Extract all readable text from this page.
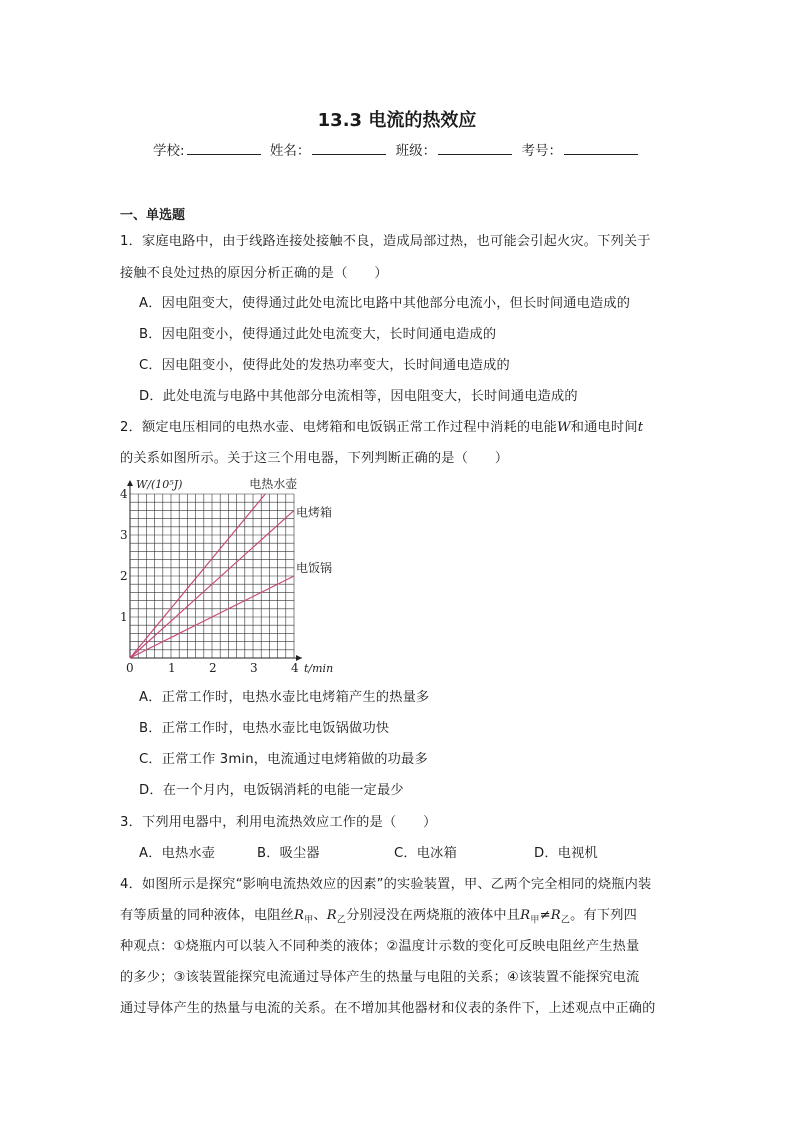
13.3 电流的热效应
学校:	姓名：	班级：	考号：
一、单选题
1．家庭电路中，由于线路连接处接触不良，造成局部过热，也可能会引起火灾。下列关于
接触不良处过热的原因分析正确的是（　　）
A．因电阻变大，使得通过此处电流比电路中其他部分电流小，但长时间通电造成的
B．因电阻变小，使得通过此处电流变大，长时间通电造成的
C．因电阻变小，使得此处的发热功率变大，长时间通电造成的
D．此处电流与电路中其他部分电流相等，因电阻变大，长时间通电造成的
2．额定电压相同的电热水壶、电烤箱和电饭锅正常工作过程中消耗的电能W和通电时间t
的关系如图所示。关于这三个用电器，下列判断正确的是（　　）
电热水壶
电烤箱
电饭锅
0	1	2	3	4
1
2
3
4
W/(10⁵J)
t/min
A．正常工作时，电热水壶比电烤箱产生的热量多
B．正常工作时，电热水壶比电饭锅做功快
C．正常工作 3min，电流通过电烤箱做的功最多
D．在一个月内，电饭锅消耗的电能一定最少
3．下列用电器中，利用电流热效应工作的是（　　）
A．电热水壶	B．吸尘器	C．电冰箱	D．电视机
4．如图所示是探究“影响电流热效应的因素”的实验装置，甲、乙两个完全相同的烧瓶内装
有等质量的同种液体，电阻丝$R_甲$、$R_乙$分别浸没在两烧瓶的液体中且$R_甲\ne R_乙$。有下列四
种观点：①烧瓶内可以装入不同种类的液体；②温度计示数的变化可反映电阻丝产生热量
的多少；③该装置能探究电流通过导体产生的热量与电阻的关系；④该装置不能探究电流
通过导体产生的热量与电流的关系。在不增加其他器材和仪表的条件下，上述观点中正确的
